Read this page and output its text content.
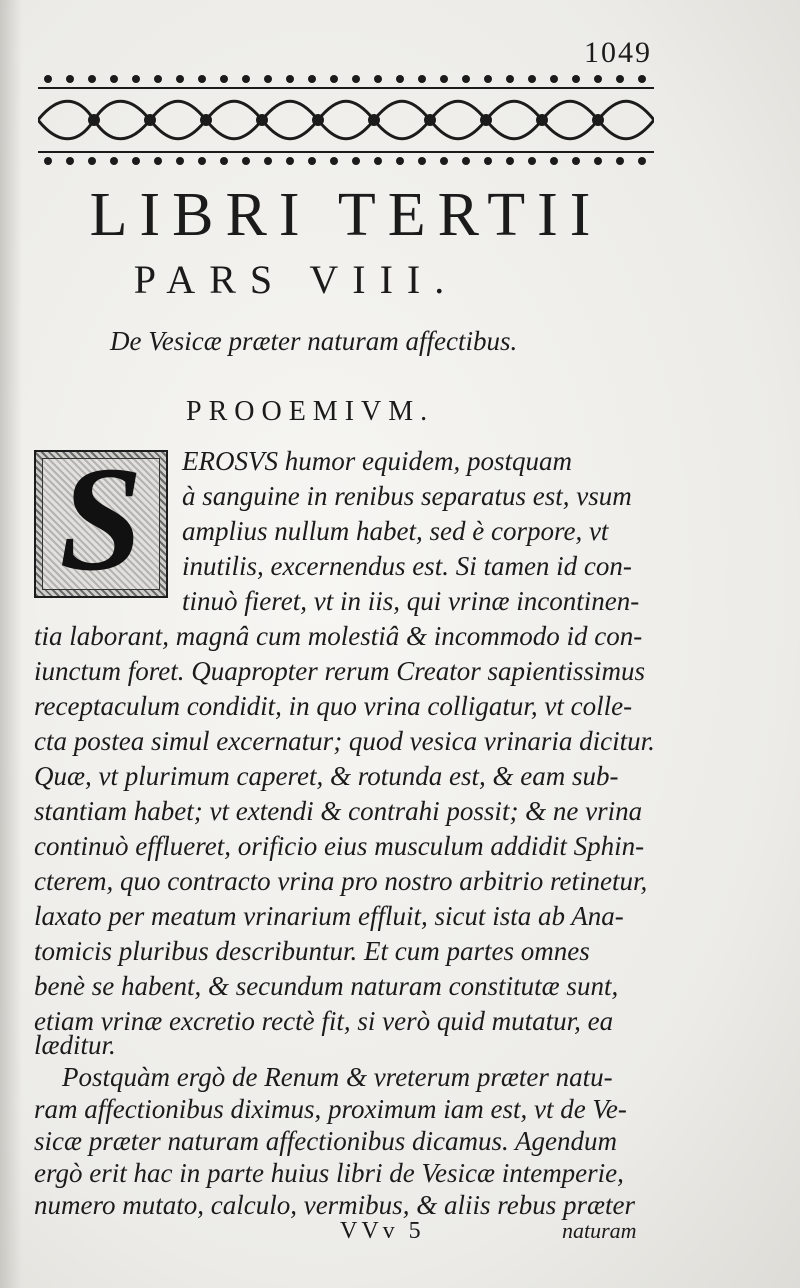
1049
LIBRI TERTII
PARS VIII.
De Vesicæ præter naturam affectibus.
PROOEMIVM.
S	EROSVS humor equidem, postquam
à sanguine in renibus separatus est, vsum
amplius nullum habet, sed è corpore, vt
inutilis, excernendus est. Si tamen id con-
tinuò fieret, vt in iis, qui vrinæ incontinen-
tia laborant, magnâ cum molestiâ & incommodo id con-
iunctum foret. Quapropter rerum Creator sapientissimus
receptaculum condidit, in quo vrina colligatur, vt colle-
cta postea simul excernatur; quod vesica vrinaria dicitur.
Quæ, vt plurimum caperet, & rotunda est, & eam sub-
stantiam habet; vt extendi & contrahi possit; & ne vrina
continuò efflueret, orificio eius musculum addidit Sphin-
cterem, quo contracto vrina pro nostro arbitrio retinetur,
laxato per meatum vrinarium effluit, sicut ista ab Ana-
tomicis pluribus describuntur. Et cum partes omnes
benè se habent, & secundum naturam constitutæ sunt,
etiam vrinæ excretio rectè fit, si verò quid mutatur, ea
læditur.
Postquàm ergò de Renum & vreterum præter natu-
ram affectionibus diximus, proximum iam est, vt de Ve-
sicæ præter naturam affectionibus dicamus. Agendum
ergò erit hac in parte huius libri de Vesicæ intemperie,
numero mutato, calculo, vermibus, & aliis rebus præter
VVv 5	naturam
